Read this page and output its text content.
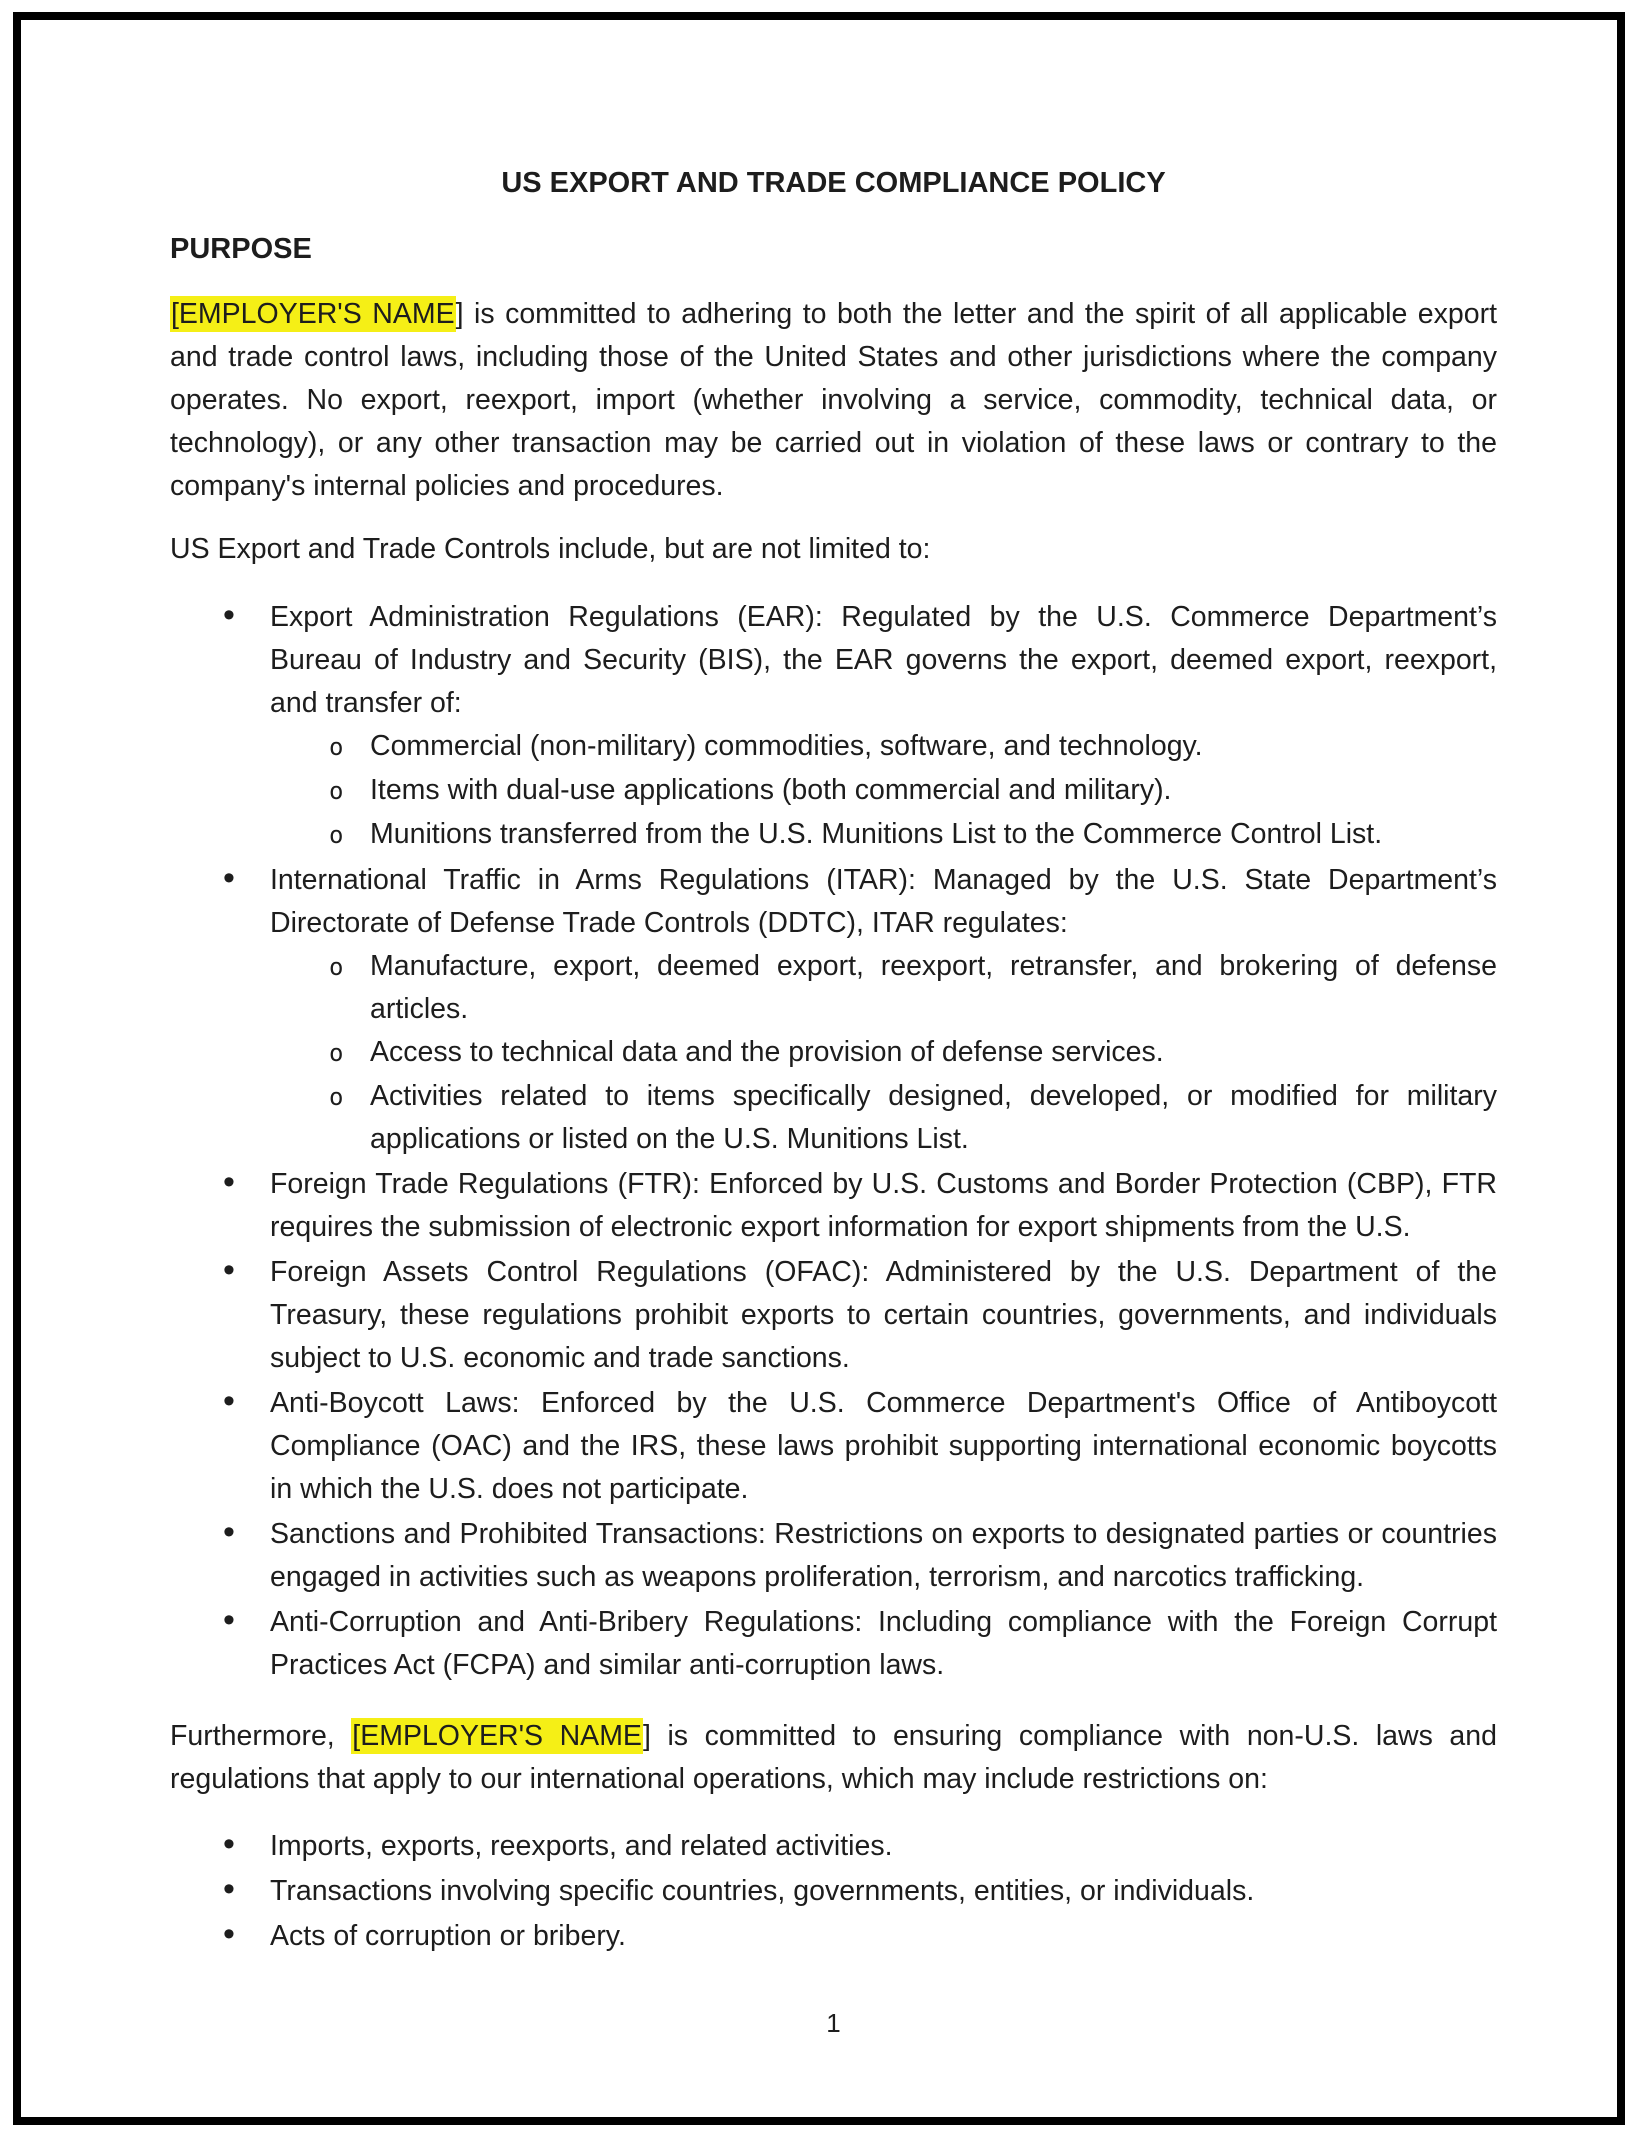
US EXPORT AND TRADE COMPLIANCE POLICY
PURPOSE

[EMPLOYER'S NAME] is committed to adhering to both the letter and the spirit of all applicable export and trade control laws, including those of the United States and other jurisdictions where the company operates. No export, reexport, import (whether involving a service, commodity, technical data, or technology), or any other transaction may be carried out in violation of these laws or contrary to the company's internal policies and procedures.

US Export and Trade Controls include, but are not limited to:

•	Export Administration Regulations (EAR): Regulated by the U.S. Commerce Department’s Bureau of Industry and Security (BIS), the EAR governs the export, deemed export, reexport, and transfer of:
o Commercial (non-military) commodities, software, and technology.
o Items with dual-use applications (both commercial and military).
o Munitions transferred from the U.S. Munitions List to the Commerce Control List.
•	International Traffic in Arms Regulations (ITAR): Managed by the U.S. State Department’s Directorate of Defense Trade Controls (DDTC), ITAR regulates:
o Manufacture, export, deemed export, reexport, retransfer, and brokering of defense articles.
o Access to technical data and the provision of defense services.
o Activities related to items specifically designed, developed, or modified for military applications or listed on the U.S. Munitions List.
•	Foreign Trade Regulations (FTR): Enforced by U.S. Customs and Border Protection (CBP), FTR requires the submission of electronic export information for export shipments from the U.S.
•	Foreign Assets Control Regulations (OFAC): Administered by the U.S. Department of the Treasury, these regulations prohibit exports to certain countries, governments, and individuals subject to U.S. economic and trade sanctions.
•	Anti-Boycott Laws: Enforced by the U.S. Commerce Department's Office of Antiboycott Compliance (OAC) and the IRS, these laws prohibit supporting international economic boycotts in which the U.S. does not participate.
•	Sanctions and Prohibited Transactions: Restrictions on exports to designated parties or countries engaged in activities such as weapons proliferation, terrorism, and narcotics trafficking.
•	Anti-Corruption and Anti-Bribery Regulations: Including compliance with the Foreign Corrupt Practices Act (FCPA) and similar anti-corruption laws.

Furthermore, [EMPLOYER'S NAME] is committed to ensuring compliance with non-U.S. laws and regulations that apply to our international operations, which may include restrictions on:

•	Imports, exports, reexports, and related activities.
•	Transactions involving specific countries, governments, entities, or individuals.
•	Acts of corruption or bribery.
1
